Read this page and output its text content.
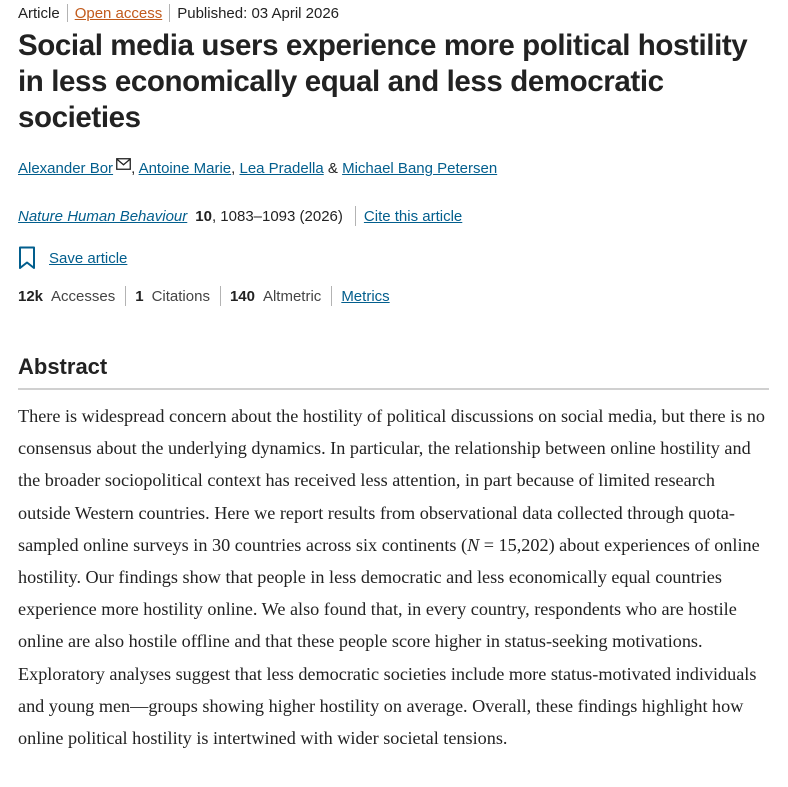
Article Open access Published: 03 April 2026
Social media users experience more political hostility in less economically equal and less democratic societies
Alexander Bor , Antoine Marie, Lea Pradella & Michael Bang Petersen
Nature Human Behaviour 10 , 1083–1093 (2026) Cite this article
Save article
12k Accesses 1 Citations 140 Altmetric Metrics
Abstract

There is widespread concern about the hostility of political discussions on social media, but there is no consensus about the underlying dynamics. In particular, the relationship between online hostility and the broader sociopolitical context has received less attention, in part because of limited research outside Western countries. Here we report results from observational data collected through quota-sampled online surveys in 30 countries across six continents (N = 15,202) about experiences of online hostility. Our findings show that people in less democratic and less economically equal countries experience more hostility online. We also found that, in every country, respondents who are hostile online are also hostile offline and that these people score higher in status-seeking motivations. Exploratory analyses suggest that less democratic societies include more status-motivated individuals and young men—groups showing higher hostility on average. Overall, these findings highlight how online political hostility is intertwined with wider societal tensions.
